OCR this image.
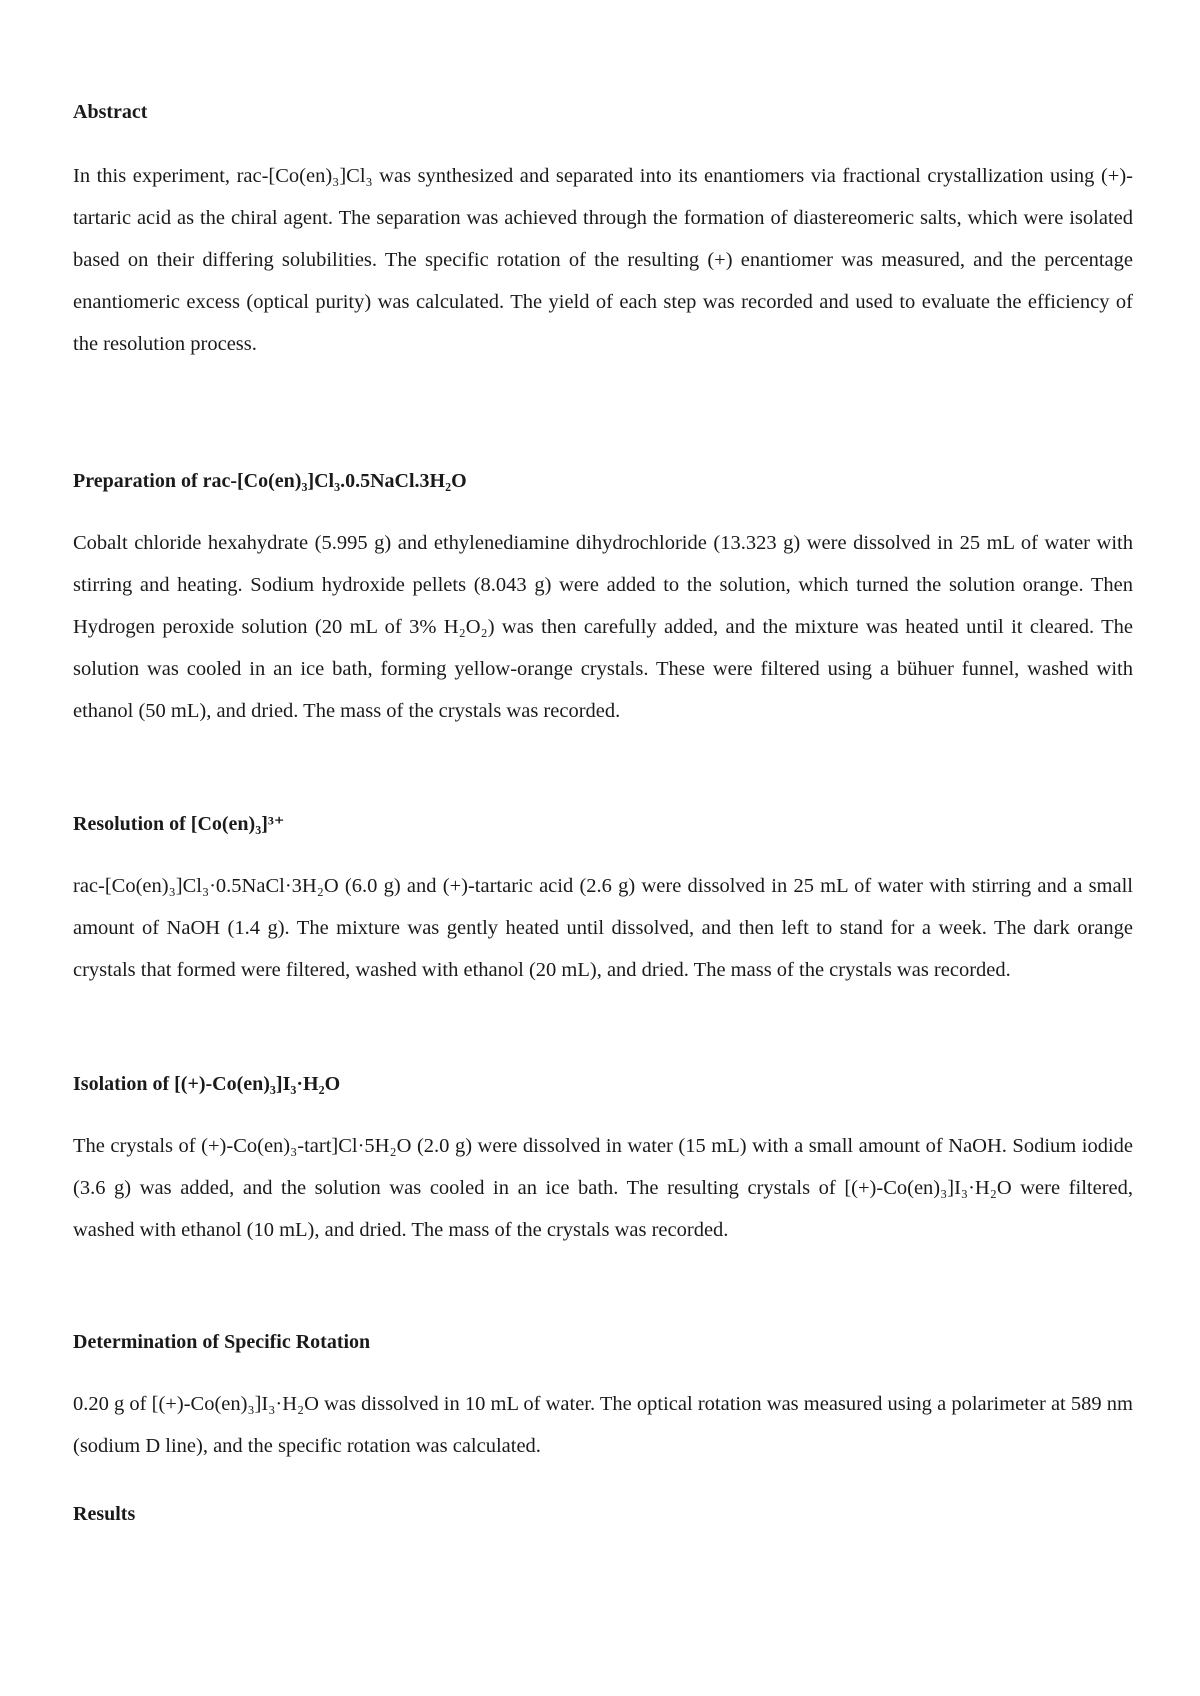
Abstract

In this experiment, rac-[Co(en)₃]Cl₃ was synthesized and separated into its enantiomers via fractional crystallization using (+)-tartaric acid as the chiral agent. The separation was achieved through the formation of diastereomeric salts, which were isolated based on their differing solubilities. The specific rotation of the resulting (+) enantiomer was measured, and the percentage enantiomeric excess (optical purity) was calculated. The yield of each step was recorded and used to evaluate the efficiency of the resolution process.

Preparation of rac-[Co(en)₃]Cl₃.0.5NaCl.3H₂O

Cobalt chloride hexahydrate (5.995 g) and ethylenediamine dihydrochloride (13.323 g) were dissolved in 25 mL of water with stirring and heating. Sodium hydroxide pellets (8.043 g) were added to the solution, which turned the solution orange. Then Hydrogen peroxide solution (20 mL of 3% H₂O₂) was then carefully added, and the mixture was heated until it cleared. The solution was cooled in an ice bath, forming yellow-orange crystals. These were filtered using a bühuer funnel, washed with ethanol (50 mL), and dried. The mass of the crystals was recorded.

Resolution of [Co(en)₃]³⁺

rac-[Co(en)₃]Cl₃·0.5NaCl·3H₂O (6.0 g) and (+)-tartaric acid (2.6 g) were dissolved in 25 mL of water with stirring and a small amount of NaOH (1.4 g). The mixture was gently heated until dissolved, and then left to stand for a week. The dark orange crystals that formed were filtered, washed with ethanol (20 mL), and dried. The mass of the crystals was recorded.

Isolation of [(+)-Co(en)₃]I₃·H₂O

The crystals of (+)-Co(en)₃-tart]Cl·5H₂O (2.0 g) were dissolved in water (15 mL) with a small amount of NaOH. Sodium iodide (3.6 g) was added, and the solution was cooled in an ice bath. The resulting crystals of [(+)-Co(en)₃]I₃·H₂O were filtered, washed with ethanol (10 mL), and dried. The mass of the crystals was recorded.

Determination of Specific Rotation

0.20 g of [(+)-Co(en)₃]I₃·H₂O was dissolved in 10 mL of water. The optical rotation was measured using a polarimeter at 589 nm (sodium D line), and the specific rotation was calculated.

Results
